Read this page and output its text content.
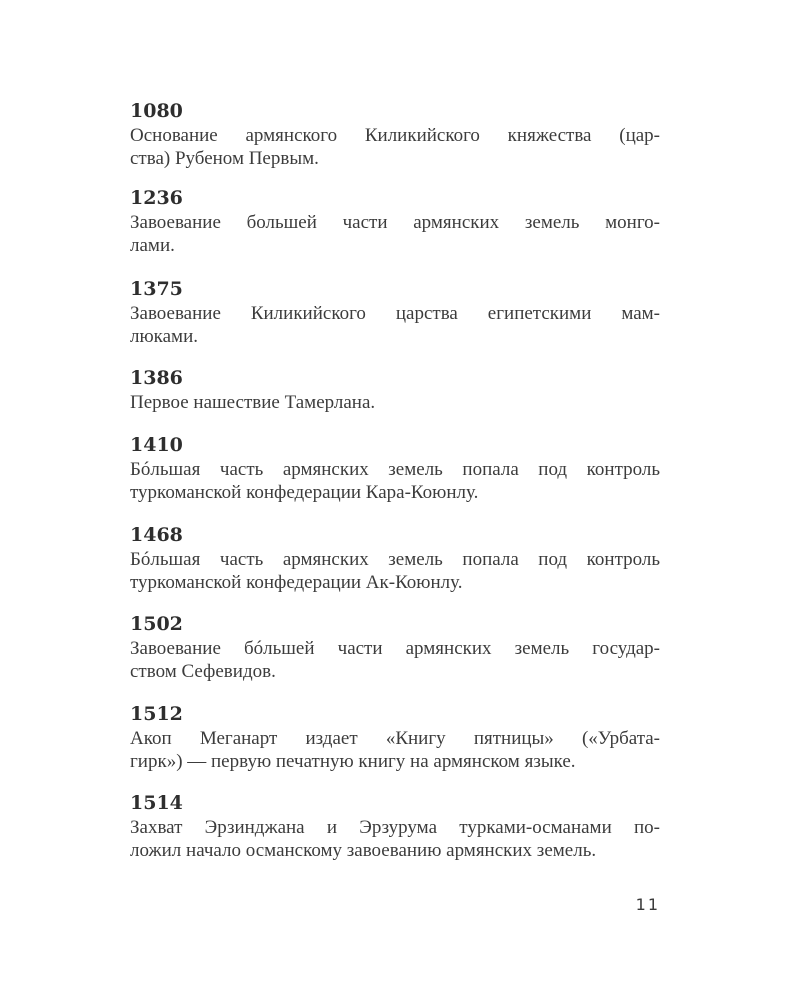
1080
Основание армянского Киликийского княжества (цар-
ства) Рубеном Первым.
1236
Завоевание большей части армянских земель монго-
лами.
1375
Завоевание Киликийского царства египетскими мам-
люками.
1386
Первое нашествие Тамерлана.
1410
Бóльшая часть армянских земель попала под контроль
туркоманской конфедерации Кара-Коюнлу.
1468
Бóльшая часть армянских земель попала под контроль
туркоманской конфедерации Ак-Коюнлу.
1502
Завоевание бóльшей части армянских земель государ-
ством Сефевидов.
1512
Акоп Меганарт издает «Книгу пятницы» («Урбата-
гирк») — первую печатную книгу на армянском языке.
1514
Захват Эрзинджана и Эрзурума турками-османами по-
ложил начало османскому завоеванию армянских земель.
11
